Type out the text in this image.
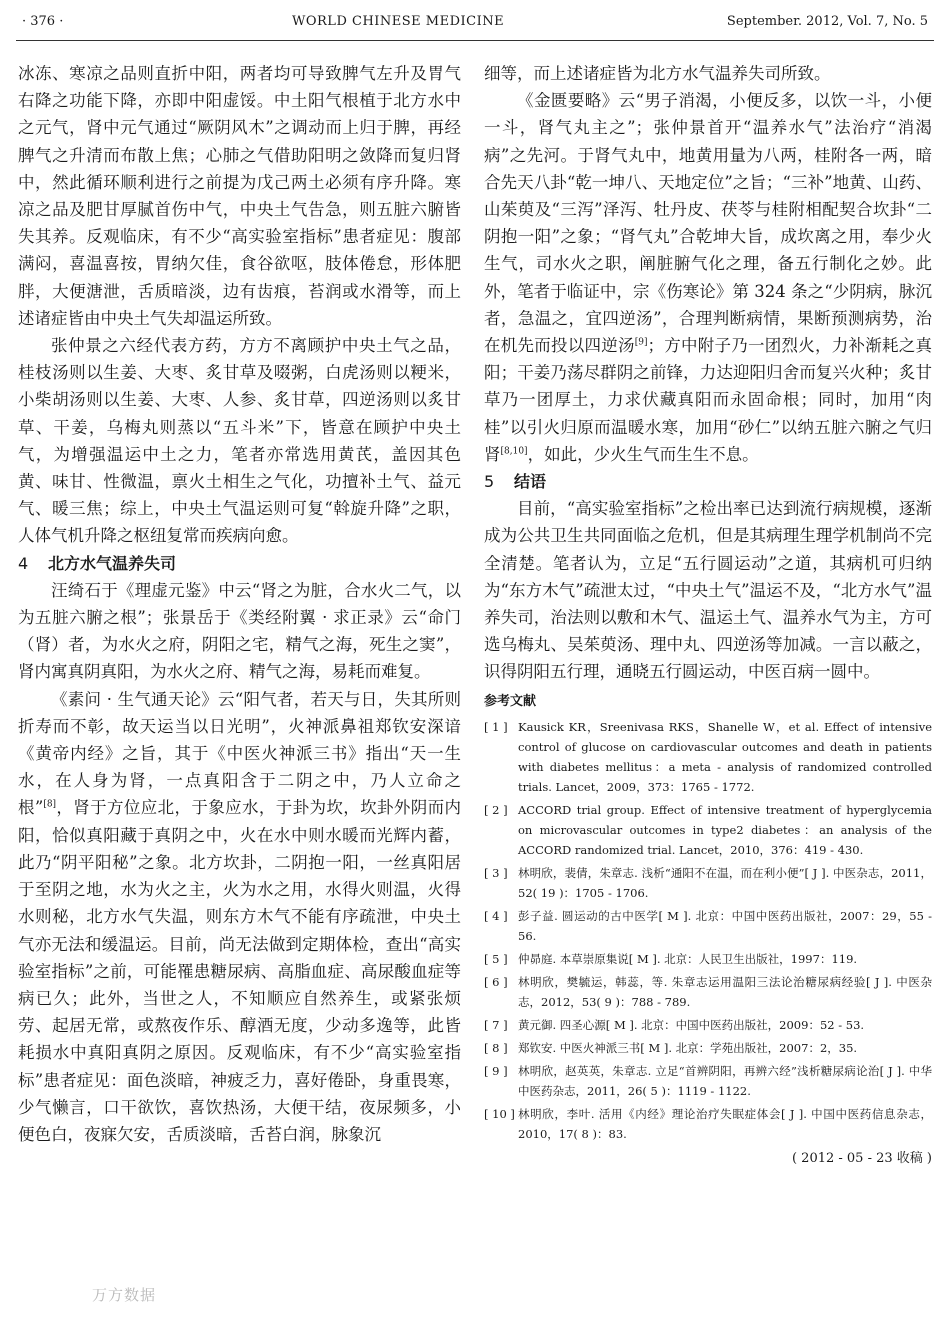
· 376 ·	WORLD CHINESE MEDICINE	September. 2012, Vol. 7, No. 5

冰冻、寒凉之品则直折中阳，两者均可导致脾气左升及胃气右降之功能下降，亦即中阳虚馁。中土阳气根植于北方水中之元气，肾中元气通过“厥阴风木”之调动而上归于脾，再经脾气之升清而布散上焦；心肺之气借助阳明之敛降而复归肾中，然此循环顺利进行之前提为戊己两土必须有序升降。寒凉之品及肥甘厚腻首伤中气，中央土气告急，则五脏六腑皆失其养。反观临床，有不少“高实验室指标”患者症见：腹部满闷，喜温喜按，胃纳欠佳，食谷欲呕，肢体倦怠，形体肥胖，大便溏泄，舌质暗淡，边有齿痕，苔润或水滑等，而上述诸症皆由中央土气失却温运所致。

张仲景之六经代表方药，方方不离顾护中央土气之品，桂枝汤则以生姜、大枣、炙甘草及啜粥，白虎汤则以粳米，小柴胡汤则以生姜、大枣、人参、炙甘草，四逆汤则以炙甘草、干姜，乌梅丸则蒸以“五斗米”下，皆意在顾护中央土气，为增强温运中土之力，笔者亦常选用黄芪，盖因其色黄、味甘、性微温，禀火土相生之气化，功擅补土气、益元气、暖三焦；综上，中央土气温运则可复“斡旋升降”之职，人体气机升降之枢纽复常而疾病向愈。

4 北方水气温养失司

汪绮石于《理虚元鉴》中云“肾之为脏，合水火二气，以为五脏六腑之根”；张景岳于《类经附翼 · 求正录》云“命门（肾）者，为水火之府，阴阳之宅，精气之海，死生之窦”，肾内寓真阴真阳，为水火之府、精气之海，易耗而难复。

《素问 · 生气通天论》云“阳气者，若天与日，失其所则折寿而不彰，故天运当以日光明”，火神派鼻祖郑钦安深谙《黄帝内经》之旨，其于《中医火神派三书》指出“天一生水，在人身为肾，一点真阳含于二阴之中，乃人立命之根”[8]，肾于方位应北，于象应水，于卦为坎，坎卦外阴而内阳，恰似真阳藏于真阴之中，火在水中则水暖而光辉内蓄，此乃“阴平阳秘”之象。北方坎卦，二阴抱一阳，一丝真阳居于至阴之地，水为火之主，火为水之用，水得火则温，火得水则秘，北方水气失温，则东方木气不能有序疏泄，中央土气亦无法和缓温运。目前，尚无法做到定期体检，查出“高实验室指标”之前，可能罹患糖尿病、高脂血症、高尿酸血症等病已久；此外，当世之人，不知顺应自然养生，或紧张烦劳、起居无常，或熬夜作乐、醇酒无度，少动多逸等，此皆耗损水中真阳真阴之原因。反观临床，有不少“高实验室指标”患者症见：面色淡暗，神疲乏力，喜好倦卧，身重畏寒，少气懒言，口干欲饮，喜饮热汤，大便干结，夜尿频多，小便色白，夜寐欠安，舌质淡暗，舌苔白润，脉象沉

细等，而上述诸症皆为北方水气温养失司所致。

《金匮要略》云“男子消渴，小便反多，以饮一斗，小便一斗，肾气丸主之”；张仲景首开“温养水气”法治疗“消渴病”之先河。于肾气丸中，地黄用量为八两，桂附各一两，暗合先天八卦“乾一坤八、天地定位”之旨；“三补”地黄、山药、山茱萸及“三泻”泽泻、牡丹皮、茯苓与桂附相配契合坎卦“二阴抱一阳”之象；“肾气丸”合乾坤大旨，成坎离之用，奉少火生气，司水火之职，阐脏腑气化之理，备五行制化之妙。此外，笔者于临证中，宗《伤寒论》第 324 条之“少阴病，脉沉者，急温之，宜四逆汤”，合理判断病情，果断预测病势，治在机先而投以四逆汤[9]；方中附子乃一团烈火，力补渐耗之真阳；干姜乃荡尽群阴之前锋，力达迎阳归舍而复兴火种；炙甘草乃一团厚土，力求伏藏真阳而永固命根；同时，加用“肉桂”以引火归原而温暖水寒，加用“砂仁”以纳五脏六腑之气归肾[8,10]，如此，少火生气而生生不息。

5 结语

目前，“高实验室指标”之检出率已达到流行病规模，逐渐成为公共卫生共同面临之危机，但是其病理生理学机制尚不完全清楚。笔者认为，立足“五行圆运动”之道，其病机可归纳为“东方木气”疏泄太过，“中央土气”温运不及，“北方水气”温养失司，治法则以敷和木气、温运土气、温养水气为主，方可选乌梅丸、吴茱萸汤、理中丸、四逆汤等加减。一言以蔽之，识得阴阳五行理，通晓五行圆运动，中医百病一圆中。

参考文献
[ 1 ] Kausick KR，Sreenivasa RKS，Shanelle W，et al. Effect of intensive control of glucose on cardiovascular outcomes and death in patients with diabetes mellitus：a meta - analysis of randomized controlled trials. Lancet，2009，373：1765 - 1772.
[ 2 ] ACCORD trial group. Effect of intensive treatment of hyperglycemia on microvascular outcomes in type2 diabetes：an analysis of the ACCORD randomized trial. Lancet，2010，376：419 - 430.
[ 3 ] 林明欣，裴倩，朱章志. 浅析“通阳不在温，而在利小便”[ J ]. 中医杂志，2011，52( 19 )：1705 - 1706.
[ 4 ] 彭子益. 圆运动的古中医学[ M ]. 北京：中国中医药出版社，2007：29，55 - 56.
[ 5 ] 仲昴庭. 本草崇原集说[ M ]. 北京：人民卫生出版社，1997：119.
[ 6 ] 林明欣，樊毓运，韩蕊，等. 朱章志运用温阳三法论治糖尿病经验[ J ]. 中医杂志，2012，53( 9 )：788 - 789.
[ 7 ] 黄元御. 四圣心源[ M ]. 北京：中国中医药出版社，2009：52 - 53.
[ 8 ] 郑钦安. 中医火神派三书[ M ]. 北京：学苑出版社，2007：2，35.
[ 9 ] 林明欣，赵英英，朱章志. 立足“首辨阴阳，再辨六经”浅析糖尿病论治[ J ]. 中华中医药杂志，2011，26( 5 )：1119 - 1122.
[ 10 ] 林明欣，李叶. 活用《内经》理论治疗失眠症体会[ J ]. 中国中医药信息杂志，2010，17( 8 )：83.
( 2012 - 05 - 23 收稿 )
万方数据
